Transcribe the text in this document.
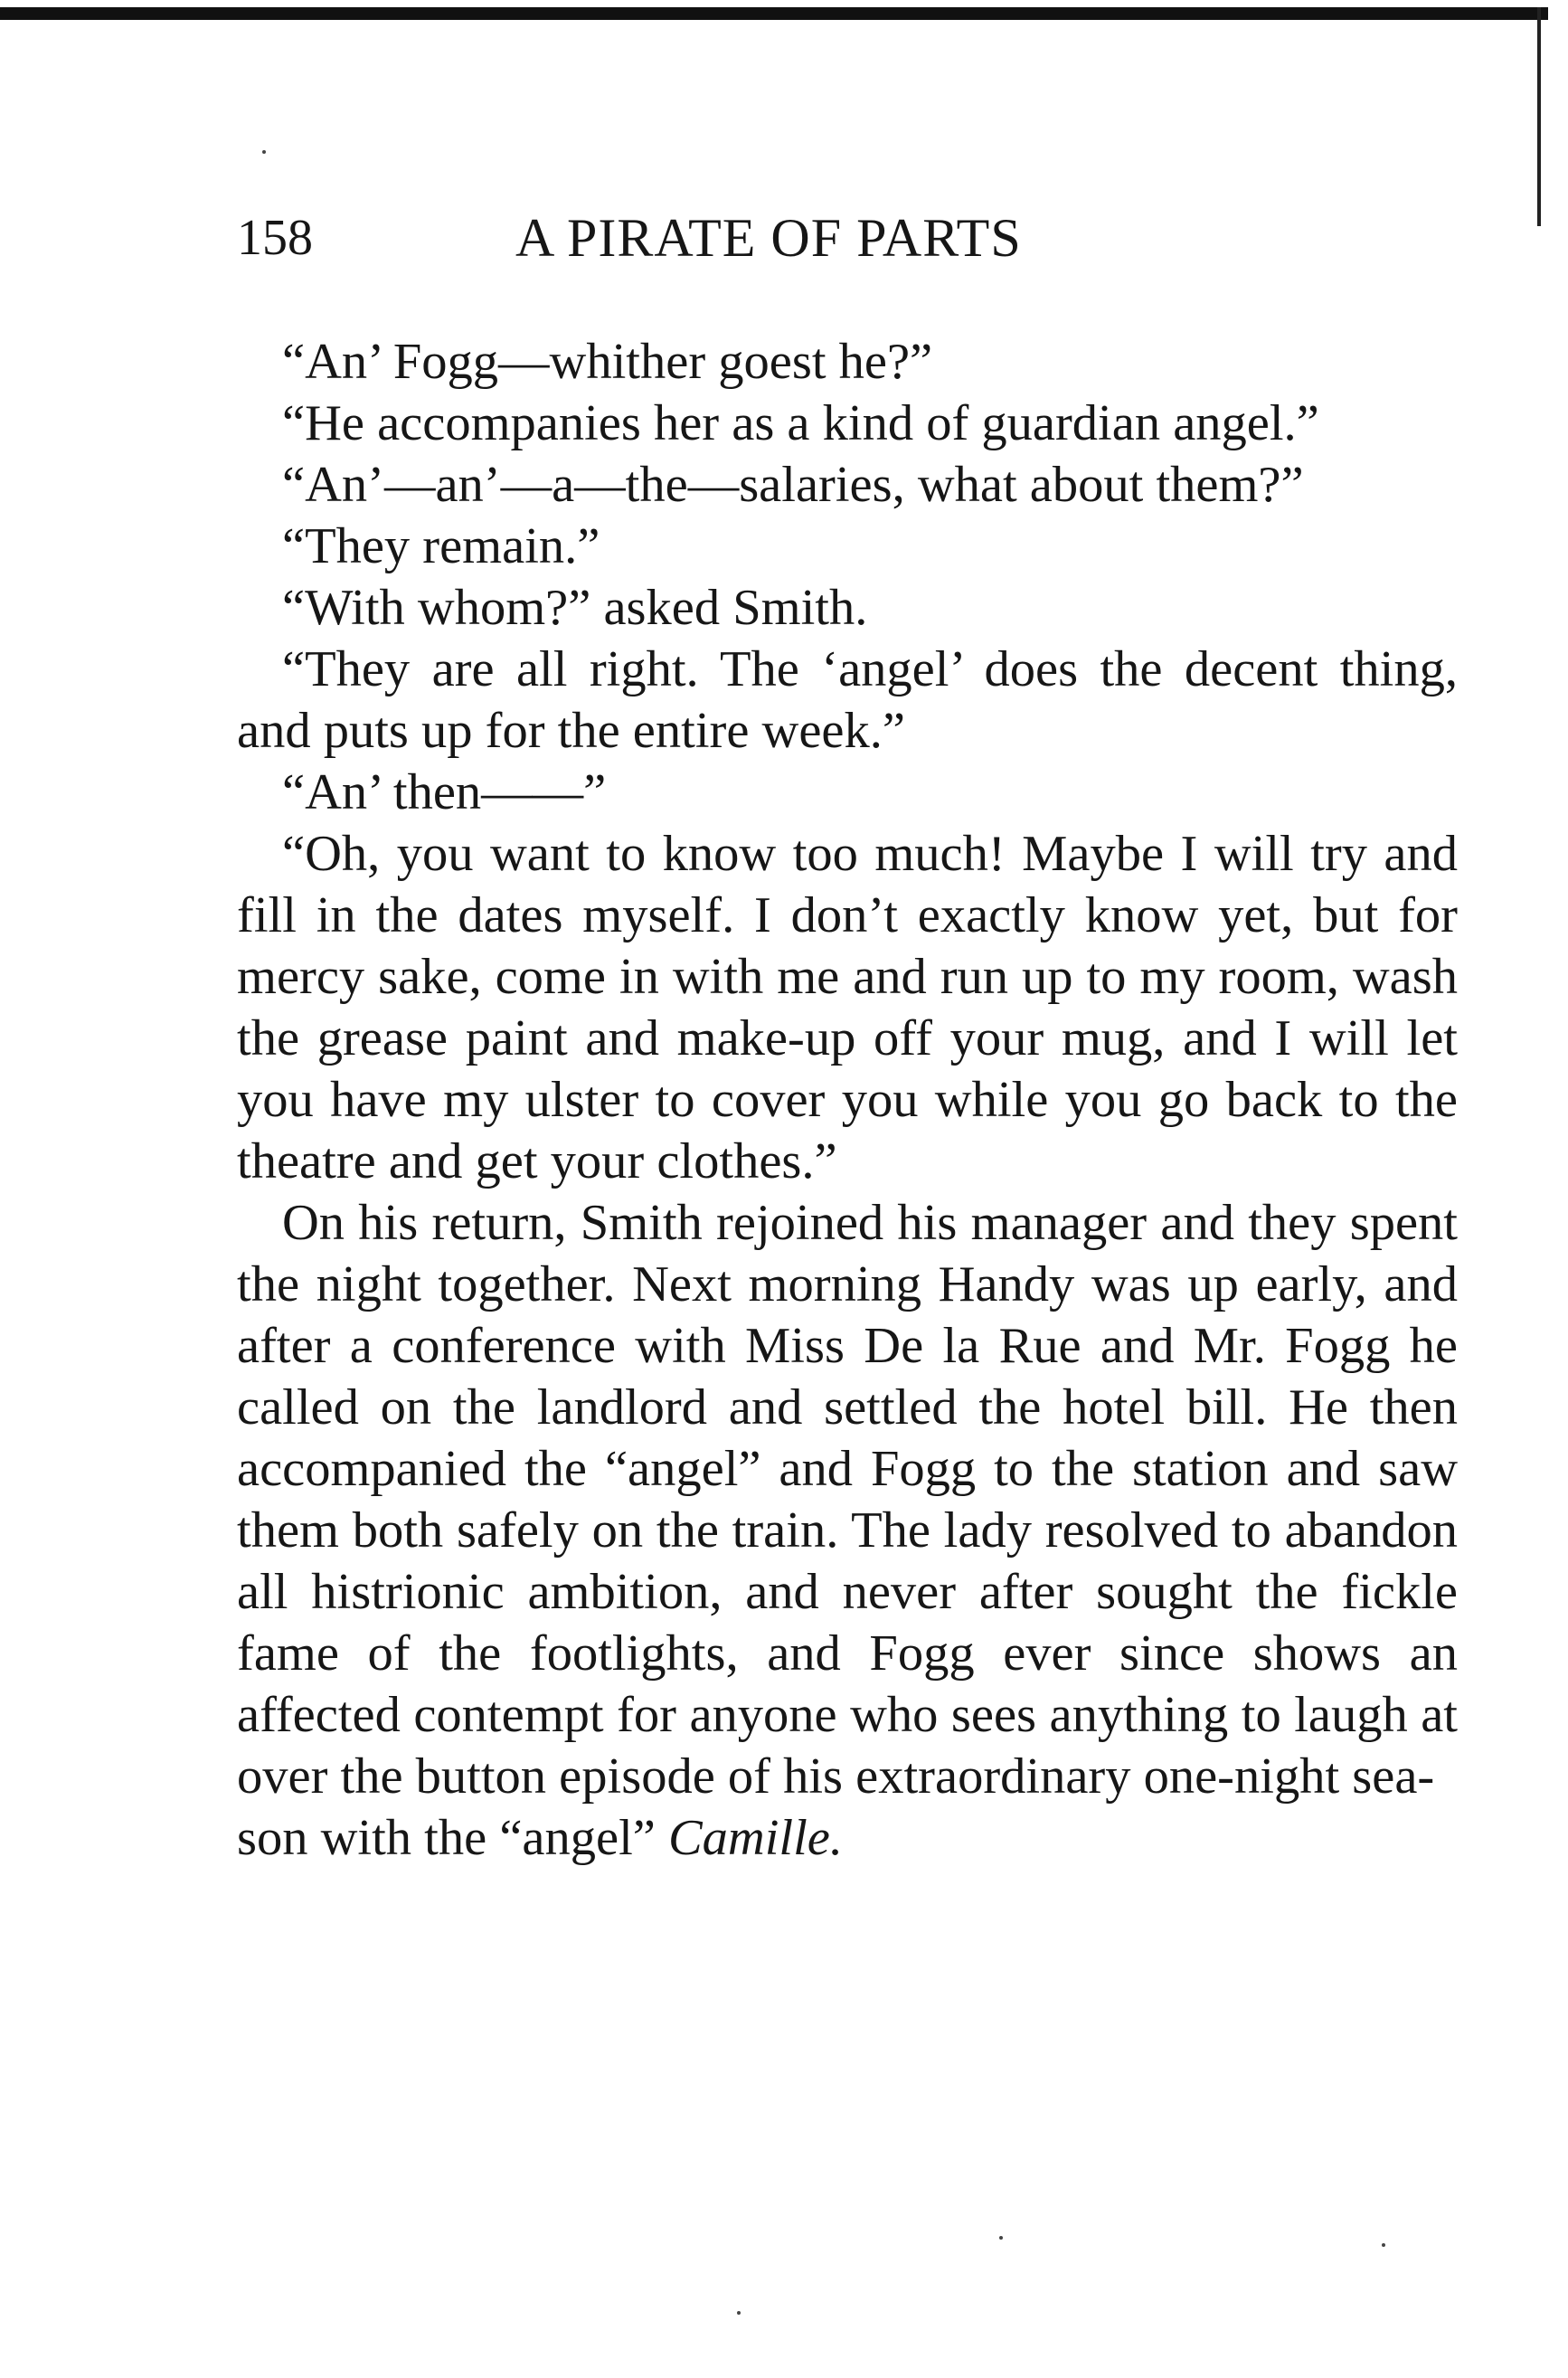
158	A PIRATE OF PARTS

“An’ Fogg—whither goest he?”

“He accompanies her as a kind of guardian angel.”

“An’—an’—a—the—salaries, what about them?”

“They remain.”

“With whom?” asked Smith.

“They are all right. The ‘angel’ does the decent thing, and puts up for the entire week.”

“An’ then——”

“Oh, you want to know too much! Maybe I will try and fill in the dates myself. I don’t exactly know yet, but for mercy sake, come in with me and run up to my room, wash the grease paint and make-up off your mug, and I will let you have my ulster to cover you while you go back to the theatre and get your clothes.”

On his return, Smith rejoined his manager and they spent the night together. Next morning Handy was up early, and after a conference with Miss De la Rue and Mr. Fogg he called on the landlord and settled the hotel bill. He then accompanied the “angel” and Fogg to the station and saw them both safely on the train. The lady resolved to abandon all histrionic ambition, and never after sought the fickle fame of the footlights, and Fogg ever since shows an affected contempt for anyone who sees anything to laugh at over the button episode of his extraordinary one-night sea-

son with the “angel” Camille.
